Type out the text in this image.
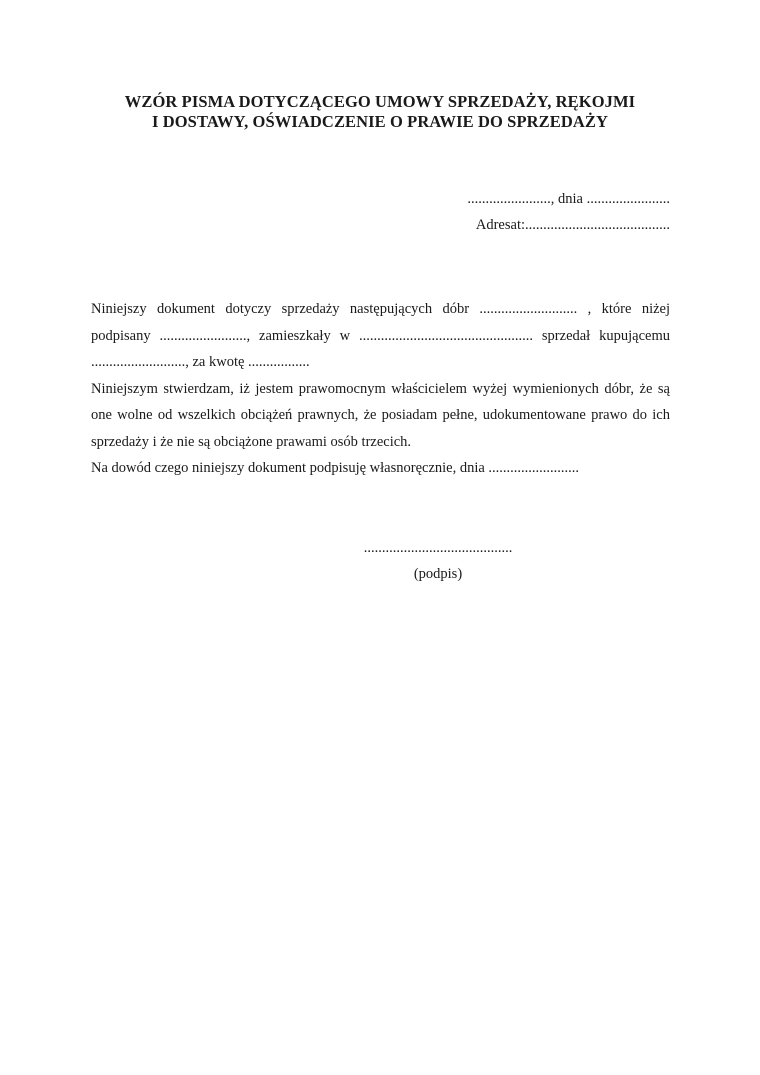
WZÓR PISMA DOTYCZĄCEGO UMOWY SPRZEDAŻY, RĘKOJMI
I DOSTAWY, OŚWIADCZENIE O PRAWIE DO SPRZEDAŻY
......................., dnia .......................
Adresat:........................................

Niniejszy dokument dotyczy sprzedaży następujących dóbr ........................... , które niżej podpisany ........................, zamieszkały w ................................................ sprzedał kupującemu .........................., za kwotę .................

Niniejszym stwierdzam, iż jestem prawomocnym właścicielem wyżej wymienionych dóbr, że są one wolne od wszelkich obciążeń prawnych, że posiadam pełne, udokumentowane prawo do ich sprzedaży i że nie są obciążone prawami osób trzecich.

Na dowód czego niniejszy dokument podpisuję własnoręcznie, dnia .........................

.........................................
(podpis)
